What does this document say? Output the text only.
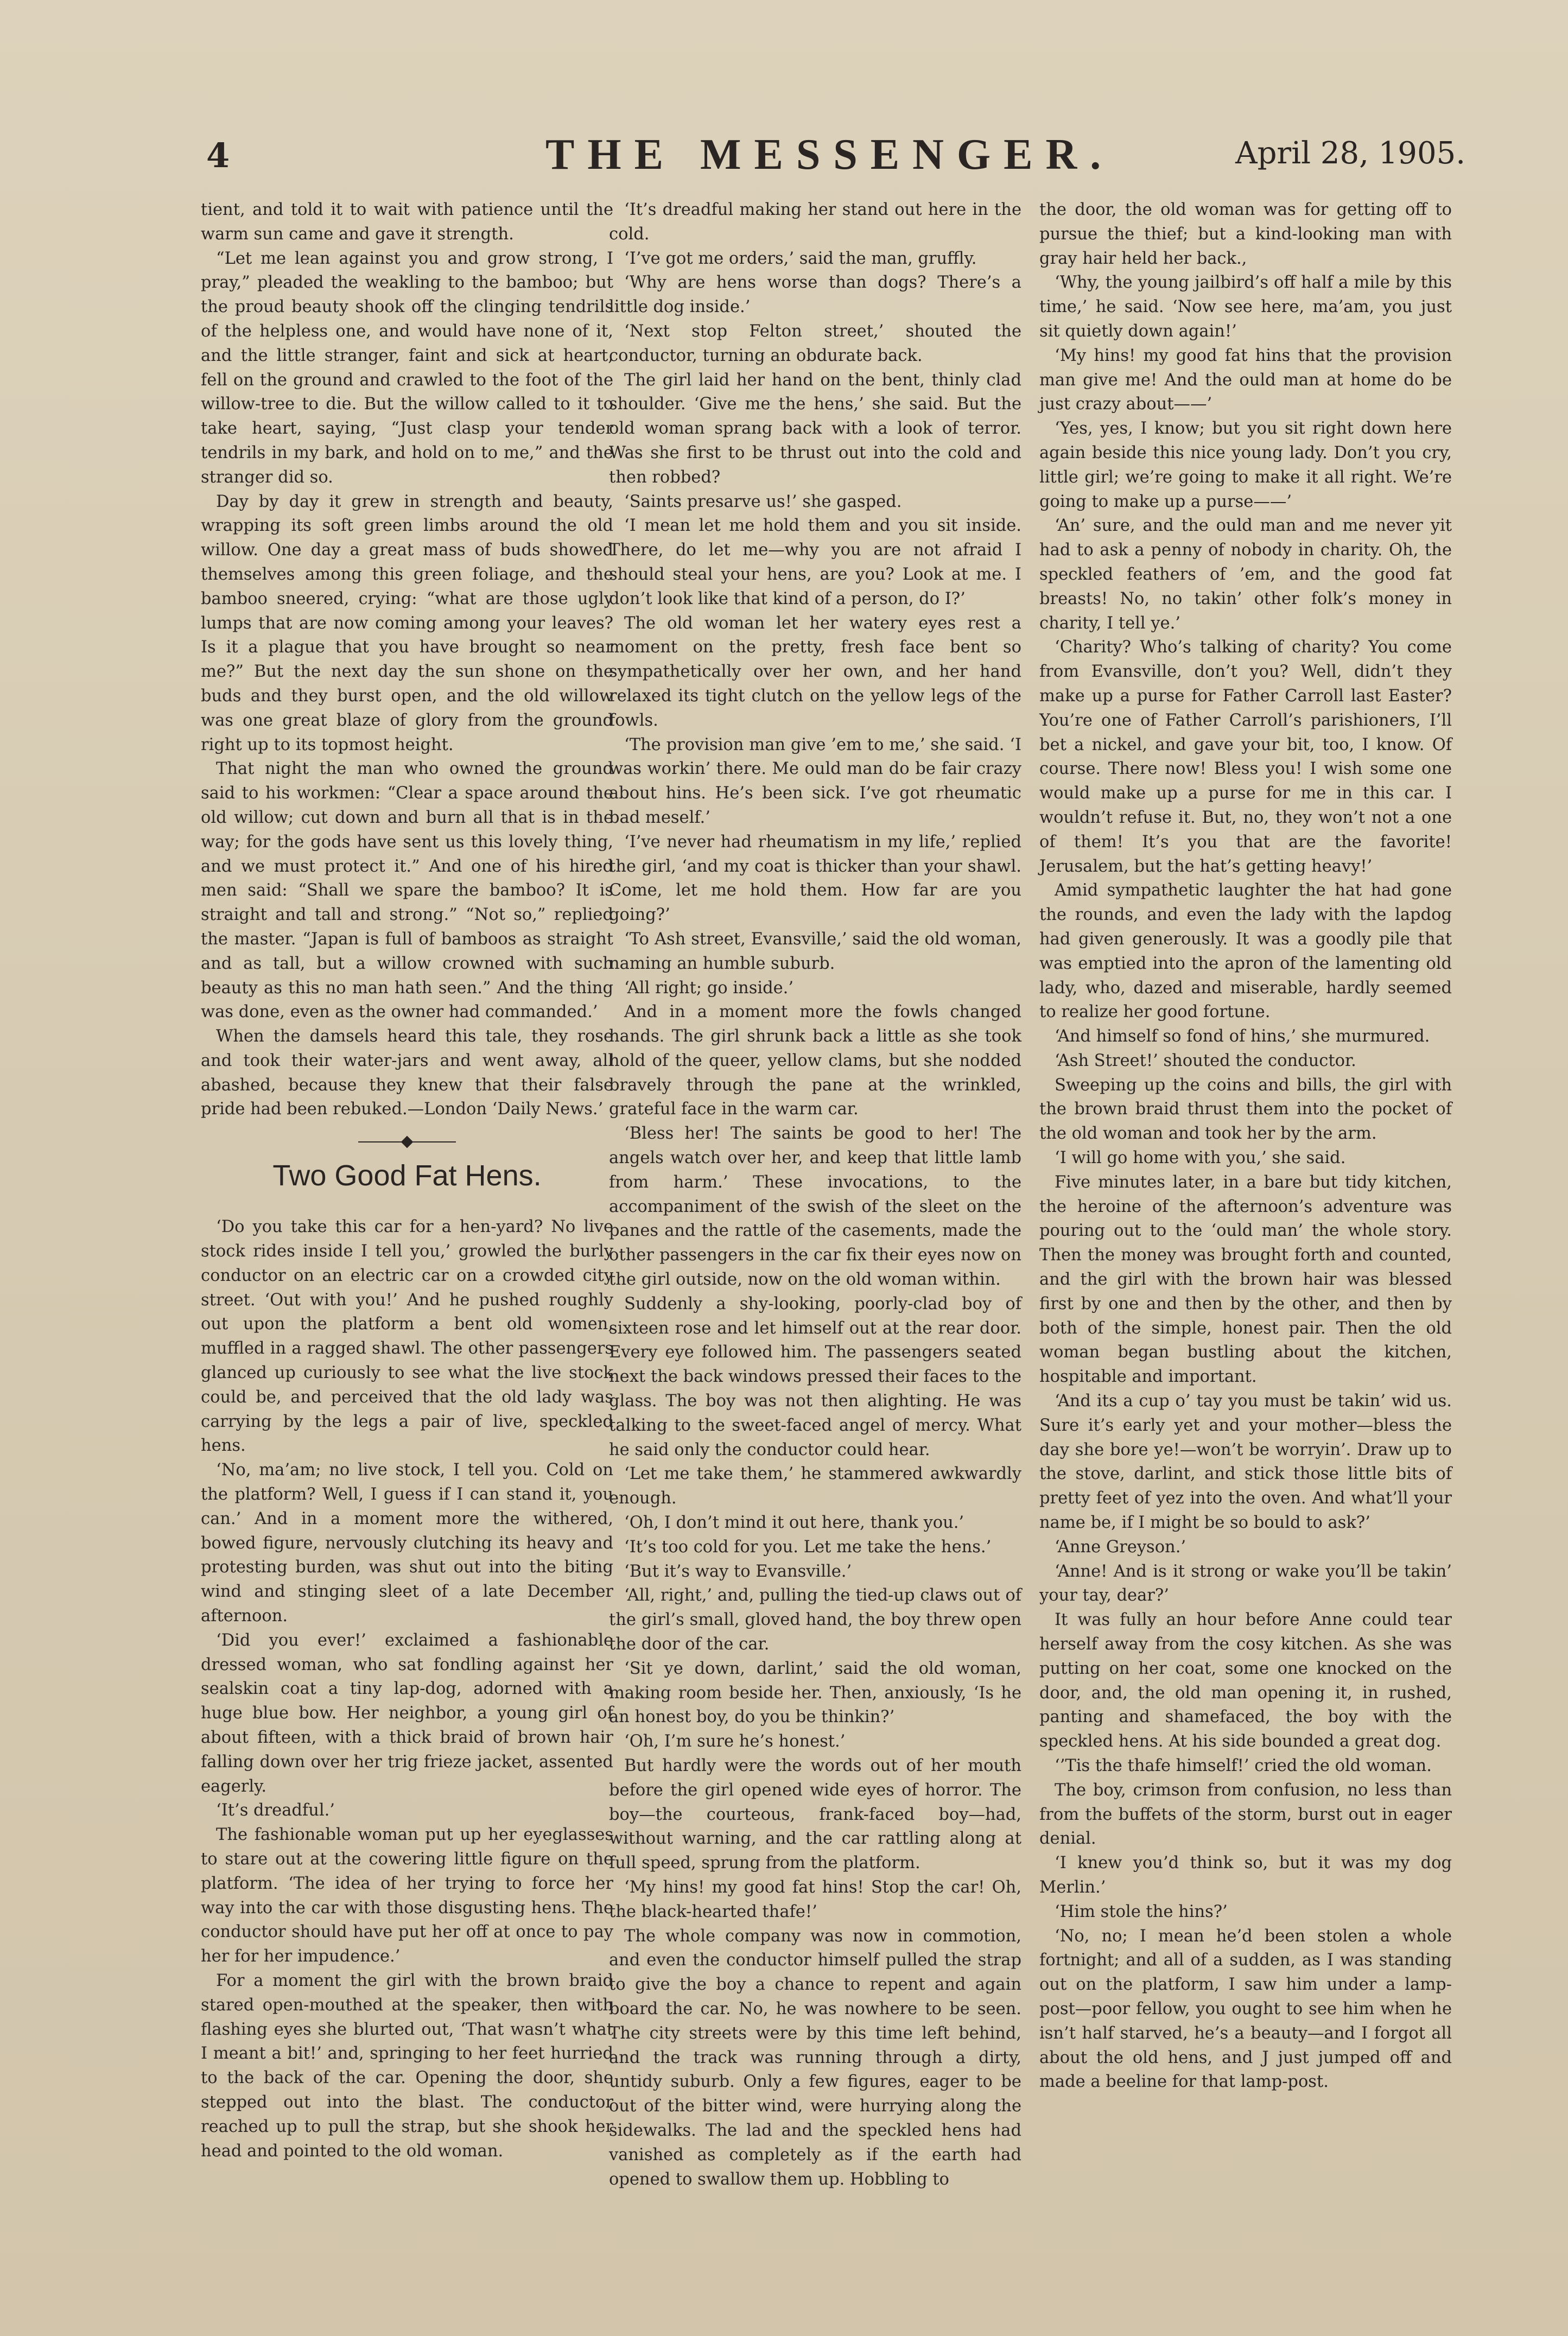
4	THE MESSENGER.	April 28, 1905.

tient, and told it to wait with patience until the warm sun came and gave it strength.

“Let me lean against you and grow strong, I pray,” pleaded the weakling to the bamboo; but the proud beauty shook off the clinging tendrils of the helpless one, and would have none of it, and the little stranger, faint and sick at heart, fell on the ground and crawled to the foot of the willow-tree to die. But the willow called to it to take heart, saying, “Just clasp your tender tendrils in my bark, and hold on to me,” and the stranger did so.

Day by day it grew in strength and beauty, wrapping its soft green limbs around the old willow. One day a great mass of buds showed themselves among this green foliage, and the bamboo sneered, crying: “what are those ugly lumps that are now coming among your leaves? Is it a plague that you have brought so near me?” But the next day the sun shone on the buds and they burst open, and the old willow was one great blaze of glory from the ground right up to its topmost height.

That night the man who owned the ground said to his workmen: “Clear a space around the old willow; cut down and burn all that is in the way; for the gods have sent us this lovely thing, and we must protect it.” And one of his hired men said: “Shall we spare the bamboo? It is straight and tall and strong.” “Not so,” replied the master. “Japan is full of bamboos as straight and as tall, but a willow crowned with such beauty as this no man hath seen.” And the thing was done, even as the owner had commanded.’

When the damsels heard this tale, they rose and took their water-jars and went away, all abashed, because they knew that their false pride had been rebuked.—London ‘Daily News.’

Two Good Fat Hens.

‘Do you take this car for a hen-yard? No live stock rides inside I tell you,’ growled the burly conductor on an electric car on a crowded city street. ‘Out with you!’ And he pushed roughly out upon the platform a bent old women, muffled in a ragged shawl. The other passengers glanced up curiously to see what the live stock could be, and perceived that the old lady was carrying by the legs a pair of live, speckled hens.

‘No, ma’am; no live stock, I tell you. Cold on the platform? Well, I guess if I can stand it, you can.’ And in a moment more the withered, bowed figure, nervously clutching its heavy and protesting burden, was shut out into the biting wind and stinging sleet of a late December afternoon.

‘Did you ever!’ exclaimed a fashionable dressed woman, who sat fondling against her sealskin coat a tiny lap-dog, adorned with a huge blue bow. Her neighbor, a young girl of about fifteen, with a thick braid of brown hair falling down over her trig frieze jacket, assented eagerly.

‘It’s dreadful.’

The fashionable woman put up her eyeglasses to stare out at the cowering little figure on the platform. ‘The idea of her trying to force her way into the car with those disgusting hens. The conductor should have put her off at once to pay her for her impudence.’

For a moment the girl with the brown braid stared open-mouthed at the speaker, then with flashing eyes she blurted out, ‘That wasn’t what I meant a bit!’ and, springing to her feet hurried to the back of the car. Opening the door, she stepped out into the blast. The conductor reached up to pull the strap, but she shook her head and pointed to the old woman.

‘It’s dreadful making her stand out here in the cold.

‘I’ve got me orders,’ said the man, gruffly.

‘Why are hens worse than dogs? There’s a little dog inside.’

‘Next stop Felton street,’ shouted the conductor, turning an obdurate back.

The girl laid her hand on the bent, thinly clad shoulder. ‘Give me the hens,’ she said. But the old woman sprang back with a look of terror. Was she first to be thrust out into the cold and then robbed?

‘Saints presarve us!’ she gasped.

‘I mean let me hold them and you sit inside. There, do let me—why you are not afraid I should steal your hens, are you? Look at me. I don’t look like that kind of a person, do I?’

The old woman let her watery eyes rest a moment on the pretty, fresh face bent so sympathetically over her own, and her hand relaxed its tight clutch on the yellow legs of the fowls.

‘The provision man give ’em to me,’ she said. ‘I was workin’ there. Me ould man do be fair crazy about hins. He’s been sick. I’ve got rheumatic bad meself.’

‘I’ve never had rheumatism in my life,’ replied the girl, ‘and my coat is thicker than your shawl. Come, let me hold them. How far are you going?’

‘To Ash street, Evansville,’ said the old woman, naming an humble suburb.

‘All right; go inside.’

And in a moment more the fowls changed hands. The girl shrunk back a little as she took hold of the queer, yellow clams, but she nodded bravely through the pane at the wrinkled, grateful face in the warm car.

‘Bless her! The saints be good to her! The angels watch over her, and keep that little lamb from harm.’ These invocations, to the accompaniment of the swish of the sleet on the panes and the rattle of the casements, made the other passengers in the car fix their eyes now on the girl outside, now on the old woman within.

Suddenly a shy-looking, poorly-clad boy of sixteen rose and let himself out at the rear door. Every eye followed him. The passengers seated next the back windows pressed their faces to the glass. The boy was not then alighting. He was talking to the sweet-faced angel of mercy. What he said only the conductor could hear.

‘Let me take them,’ he stammered awkwardly enough.

‘Oh, I don’t mind it out here, thank you.’

‘It’s too cold for you. Let me take the hens.’

‘But it’s way to Evansville.’

‘All, right,’ and, pulling the tied-up claws out of the girl’s small, gloved hand, the boy threw open the door of the car.

‘Sit ye down, darlint,’ said the old woman, making room beside her. Then, anxiously, ‘Is he an honest boy, do you be thinkin?’

‘Oh, I’m sure he’s honest.’

But hardly were the words out of her mouth before the girl opened wide eyes of horror. The boy—the courteous, frank-faced boy—had, without warning, and the car rattling along at full speed, sprung from the platform.

‘My hins! my good fat hins! Stop the car! Oh, the black-hearted thafe!’

The whole company was now in commotion, and even the conductor himself pulled the strap to give the boy a chance to repent and again board the car. No, he was nowhere to be seen. The city streets were by this time left behind, and the track was running through a dirty, untidy suburb. Only a few figures, eager to be out of the bitter wind, were hurrying along the sidewalks. The lad and the speckled hens had vanished as completely as if the earth had opened to swallow them up. Hobbling to

the door, the old woman was for getting off to pursue the thief; but a kind-looking man with gray hair held her back.,

‘Why, the young jailbird’s off half a mile by this time,’ he said. ‘Now see here, ma’am, you just sit quietly down again!’

‘My hins! my good fat hins that the provision man give me! And the ould man at home do be just crazy about——’

‘Yes, yes, I know; but you sit right down here again beside this nice young lady. Don’t you cry, little girl; we’re going to make it all right. We’re going to make up a purse——’

‘An’ sure, and the ould man and me never yit had to ask a penny of nobody in charity. Oh, the speckled feathers of ’em, and the good fat breasts! No, no takin’ other folk’s money in charity, I tell ye.’

‘Charity? Who’s talking of charity? You come from Evansville, don’t you? Well, didn’t they make up a purse for Father Carroll last Easter? You’re one of Father Carroll’s parishioners, I’ll bet a nickel, and gave your bit, too, I know. Of course. There now! Bless you! I wish some one would make up a purse for me in this car. I wouldn’t refuse it. But, no, they won’t not a one of them! It’s you that are the favorite! Jerusalem, but the hat’s getting heavy!’

Amid sympathetic laughter the hat had gone the rounds, and even the lady with the lapdog had given generously. It was a goodly pile that was emptied into the apron of the lamenting old lady, who, dazed and miserable, hardly seemed to realize her good fortune.

‘And himself so fond of hins,’ she murmured.

‘Ash Street!’ shouted the conductor.

Sweeping up the coins and bills, the girl with the brown braid thrust them into the pocket of the old woman and took her by the arm.

‘I will go home with you,’ she said.

Five minutes later, in a bare but tidy kitchen, the heroine of the afternoon’s adventure was pouring out to the ‘ould man’ the whole story. Then the money was brought forth and counted, and the girl with the brown hair was blessed first by one and then by the other, and then by both of the simple, honest pair. Then the old woman began bustling about the kitchen, hospitable and important.

‘And its a cup o’ tay you must be takin’ wid us. Sure it’s early yet and your mother—bless the day she bore ye!—won’t be worryin’. Draw up to the stove, darlint, and stick those little bits of pretty feet of yez into the oven. And what’ll your name be, if I might be so bould to ask?’

‘Anne Greyson.’

‘Anne! And is it strong or wake you’ll be takin’ your tay, dear?’

It was fully an hour before Anne could tear herself away from the cosy kitchen. As she was putting on her coat, some one knocked on the door, and, the old man opening it, in rushed, panting and shamefaced, the boy with the speckled hens. At his side bounded a great dog.

‘’Tis the thafe himself!’ cried the old woman.

The boy, crimson from confusion, no less than from the buffets of the storm, burst out in eager denial.

‘I knew you’d think so, but it was my dog Merlin.’

‘Him stole the hins?’

‘No, no; I mean he’d been stolen a whole fortnight; and all of a sudden, as I was standing out on the platform, I saw him under a lamp-post—poor fellow, you ought to see him when he isn’t half starved, he’s a beauty—and I forgot all about the old hens, and J just jumped off and made a beeline for that lamp-post.
